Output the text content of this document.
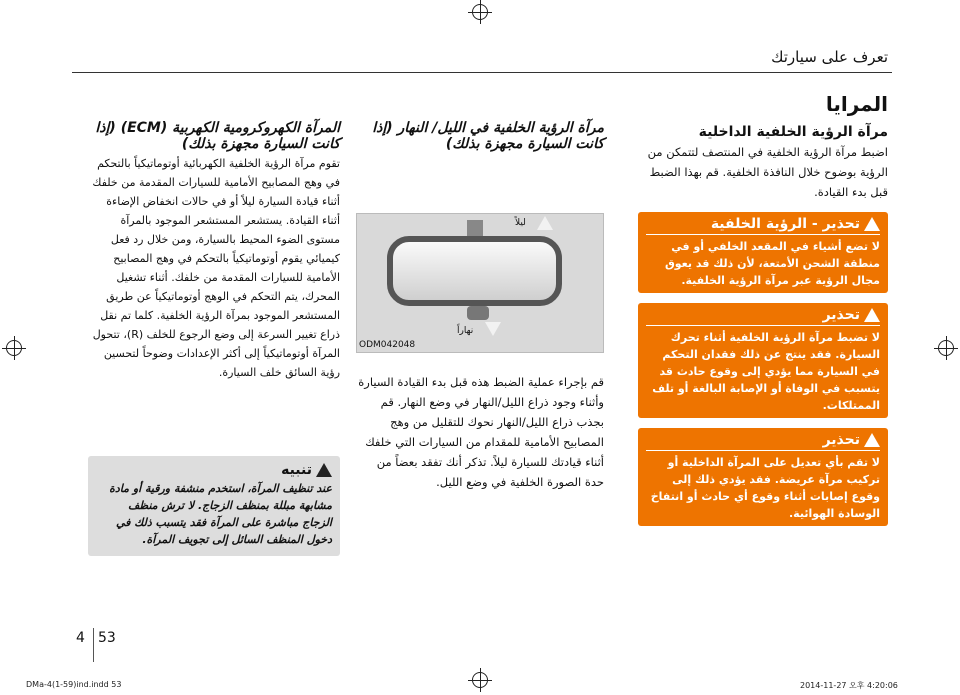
تعرف على سيارتك
المرايا
مرآة الرؤية الخلفية الداخلية

اضبط مرآة الرؤية الخلفية في المنتصف لتتمكن من الرؤية بوضوح خلال النافذة الخلفية. قم بهذا الضبط قبل بدء القيادة.

تحذير - الرؤية الخلفية

لا تضع أشياء في المقعد الخلفي أو في منطقة الشحن الأمتعة، لأن ذلك قد يعوق مجال الرؤية عبر مرآة الرؤية الخلفية.

تحذير

لا تضبط مرآة الرؤية الخلفية أثناء تحرك السيارة. فقد ينتج عن ذلك فقدان التحكم في السيارة مما يؤدي إلى وقوع حادث قد يتسبب في الوفاة أو الإصابة البالغة أو تلف الممتلكات.

تحذير

لا تقم بأي تعديل على المرآة الداخلية أو تركيب مرآة عريضة. فقد يؤدي ذلك إلى وقوع إصابات أثناء وقوع أي حادث أو انتفاخ الوسادة الهوائية.

مرآة الرؤية الخلفية في الليل/ النهار (إذا كانت السيارة مجهزة بذلك)
ليلاً
نهاراً
ODM042048

قم بإجراء عملية الضبط هذه قبل بدء القيادة السيارة وأثناء وجود ذراع الليل/النهار في وضع النهار. قم بجذب ذراع الليل/النهار نحوك للتقليل من وهج المصابيح الأمامية للمقدام من السيارات التي خلفك أثناء قيادتك للسيارة ليلاً. تذكر أنك تفقد بعضاً من حدة الصورة الخلفية في وضع الليل.

المرآة الكهروكرومية الكهربية (ECM) (إذا كانت السيارة مجهزة بذلك)

تقوم مرآة الرؤية الخلفية الكهربائية أوتوماتيكياً بالتحكم في وهج المصابيح الأمامية للسيارات المقدمة من خلفك أثناء قيادة السيارة ليلاً أو في حالات انخفاض الإضاءة أثناء القيادة. يستشعر المستشعر الموجود بالمرآة مستوى الضوء المحيط بالسيارة، ومن خلال رد فعل كيميائي يقوم أوتوماتيكياً بالتحكم في وهج المصابيح الأمامية للسيارات المقدمة من خلفك. أثناء تشغيل المحرك، يتم التحكم في الوهج أوتوماتيكياً عن طريق المستشعر الموجود بمرآة الرؤية الخلفية. كلما تم نقل ذراع تغيير السرعة إلى وضع الرجوع للخلف (R)، تتحول المرآة أوتوماتيكياً إلى أكثر الإعدادات وضوحاً لتحسين رؤية السائق خلف السيارة.

تنبيه

عند تنظيف المرآة، استخدم منشفة ورقية أو مادة مشابهة مبللة بمنظف الزجاج. لا ترش منظف الزجاج مباشرة على المرآة فقد يتسبب ذلك في دخول المنظف السائل إلى تجويف المرآة.

4 53
DMa-4(1-59)ind.indd 53	2014-11-27 오후 4:20:06
